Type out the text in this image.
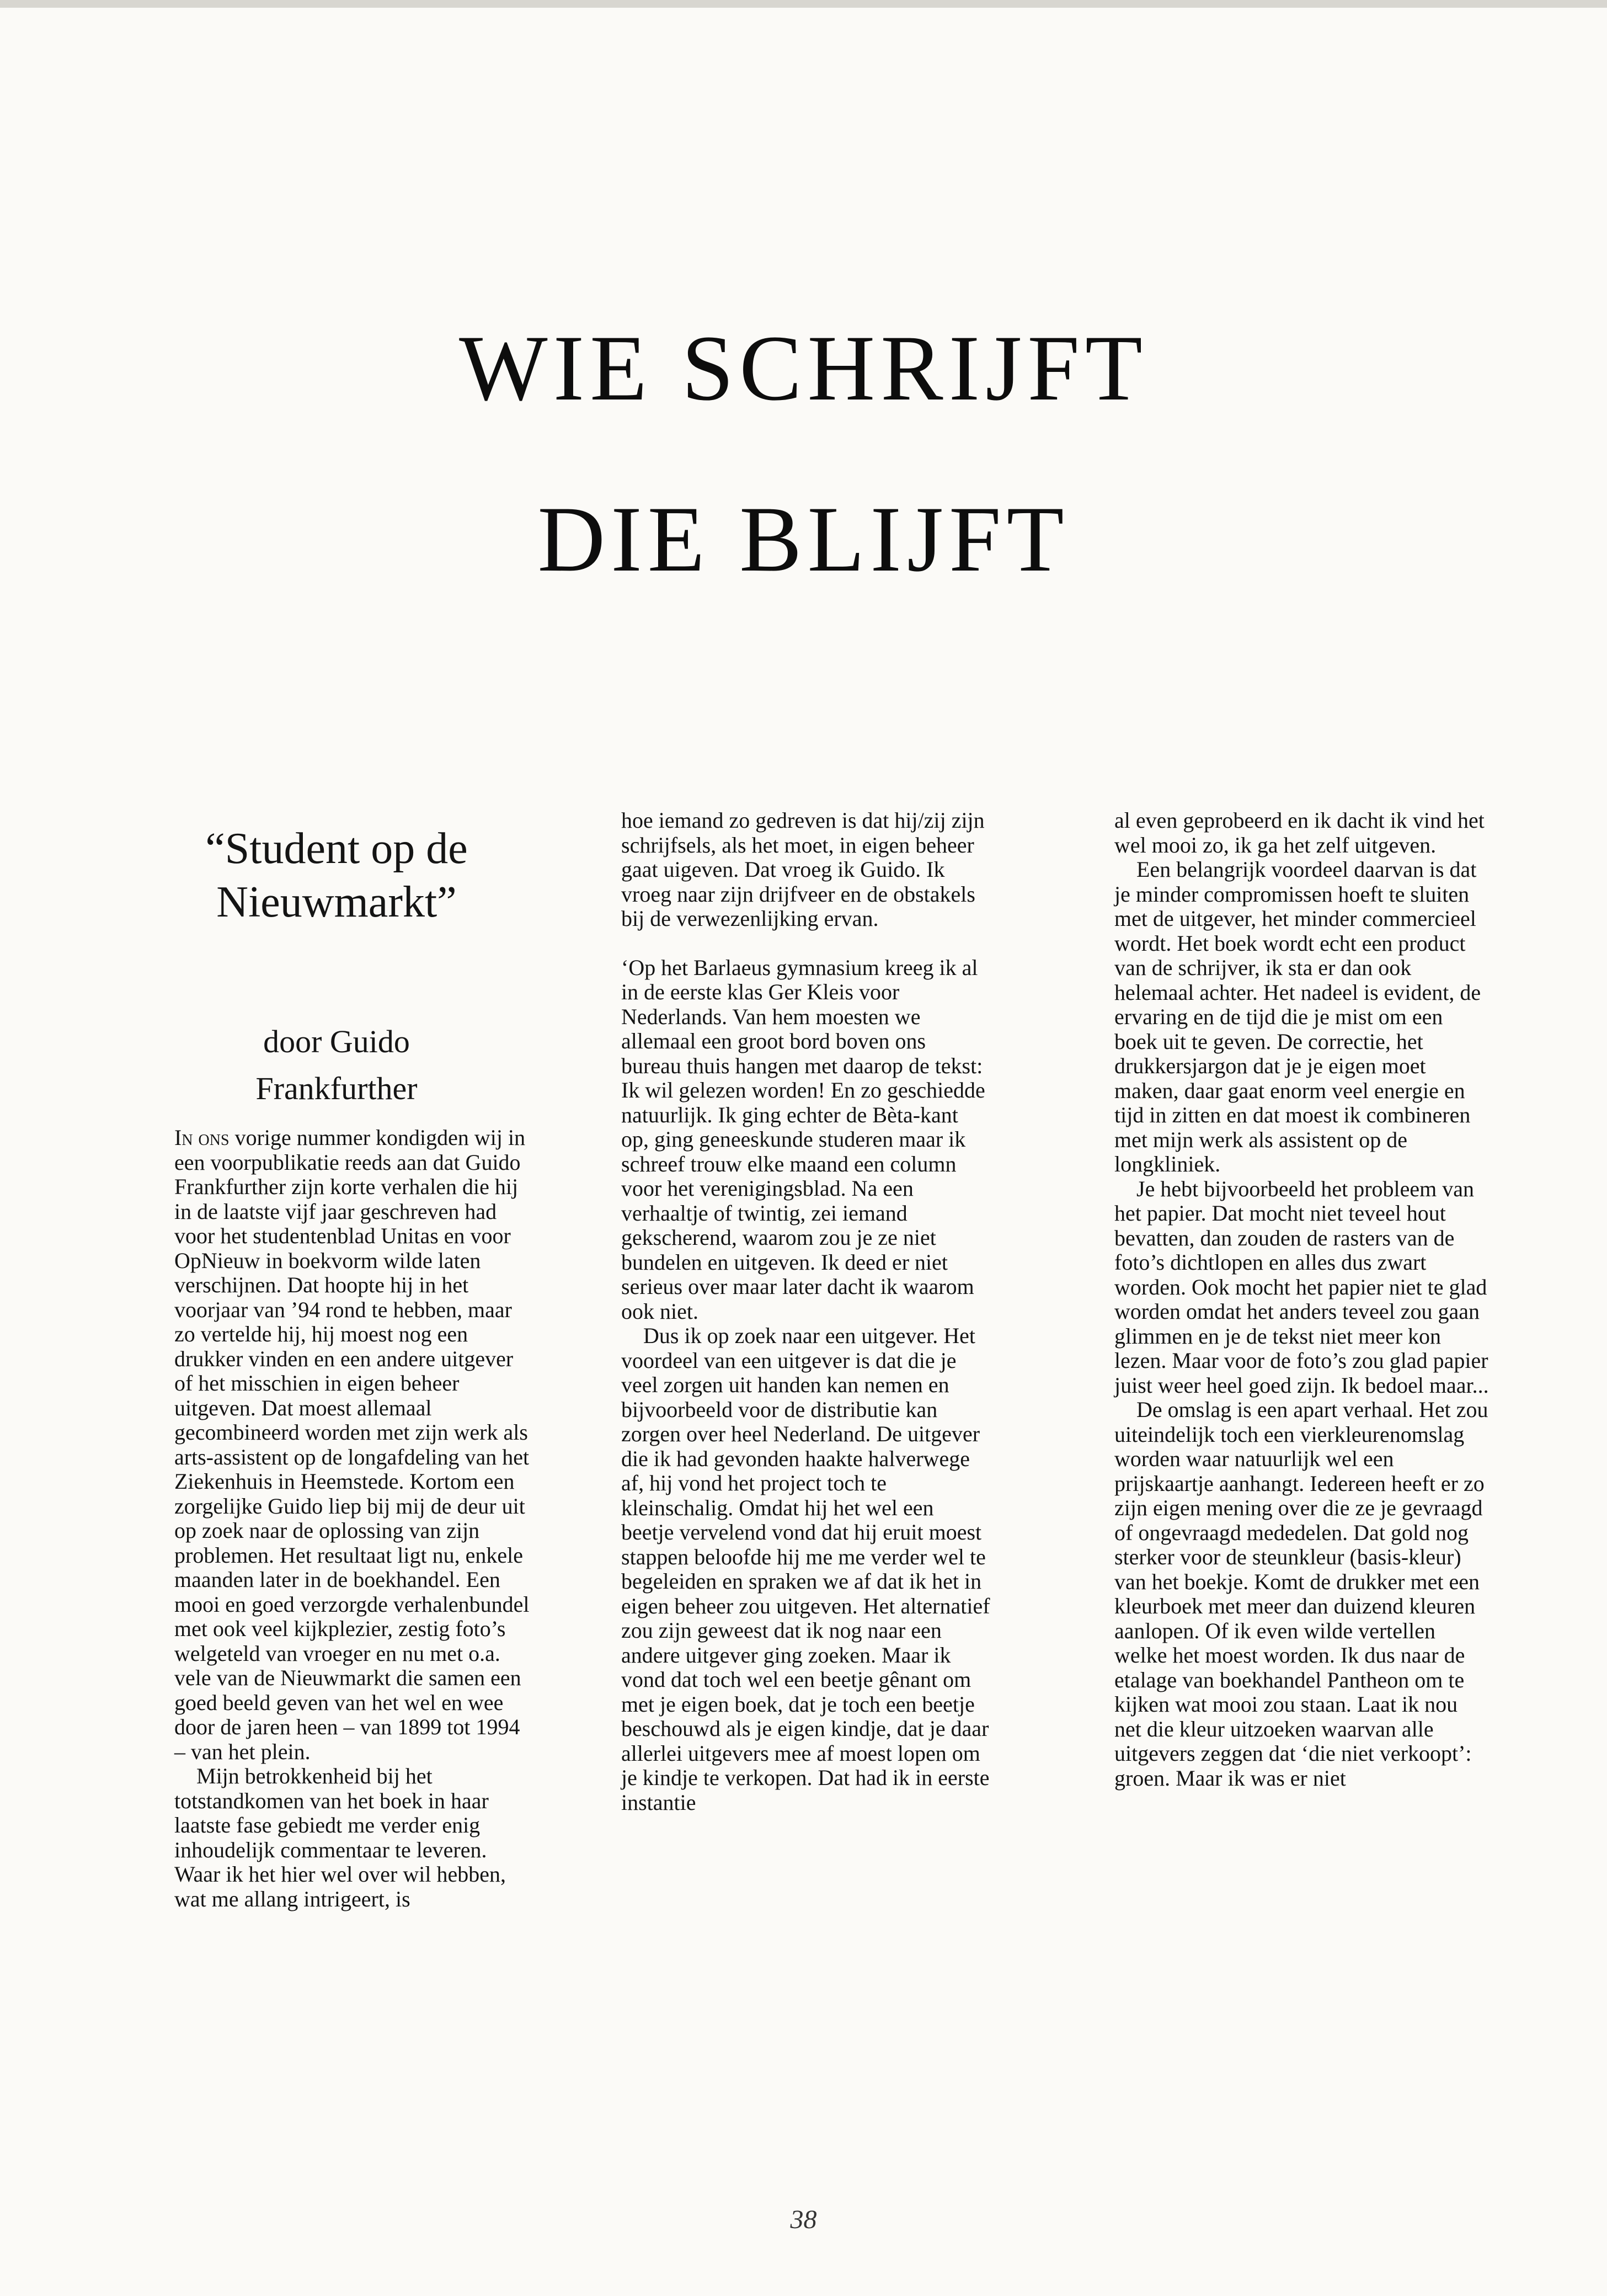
WIE SCHRIJFT
DIE BLIJFT
“Student op de Nieuwmarkt”
door Guido
Frankfurther

In ons vorige nummer kondigden wij in een voorpublikatie reeds aan dat Guido Frankfurther zijn korte verhalen die hij in de laatste vijf jaar geschreven had voor het studentenblad Unitas en voor OpNieuw in boekvorm wilde laten verschijnen. Dat hoopte hij in het voorjaar van ’94 rond te hebben, maar zo vertelde hij, hij moest nog een drukker vinden en een andere uitgever of het misschien in eigen beheer uitgeven. Dat moest allemaal gecombineerd worden met zijn werk als arts-assistent op de longafdeling van het Ziekenhuis in Heemstede. Kortom een zorgelijke Guido liep bij mij de deur uit op zoek naar de oplossing van zijn problemen. Het resultaat ligt nu, enkele maanden later in de boekhandel. Een mooi en goed verzorgde verhalenbundel met ook veel kijkplezier, zestig foto’s welgeteld van vroeger en nu met o.a. vele van de Nieuwmarkt die samen een goed beeld geven van het wel en wee door de jaren heen – van 1899 tot 1994 – van het plein.

Mijn betrokkenheid bij het totstandkomen van het boek in haar laatste fase gebiedt me verder enig inhoudelijk commentaar te leveren. Waar ik het hier wel over wil hebben, wat me allang intrigeert, is

hoe iemand zo gedreven is dat hij/zij zijn schrijfsels, als het moet, in eigen beheer gaat uigeven. Dat vroeg ik Guido. Ik vroeg naar zijn drijfveer en de obstakels bij de verwezenlijking ervan.

‘Op het Barlaeus gymnasium kreeg ik al in de eerste klas Ger Kleis voor Nederlands. Van hem moesten we allemaal een groot bord boven ons bureau thuis hangen met daarop de tekst: Ik wil gelezen worden! En zo geschiedde natuurlijk. Ik ging echter de Bèta-kant op, ging geneeskunde studeren maar ik schreef trouw elke maand een column voor het verenigingsblad. Na een verhaaltje of twintig, zei iemand gekscherend, waarom zou je ze niet bundelen en uitgeven. Ik deed er niet serieus over maar later dacht ik waarom ook niet.

Dus ik op zoek naar een uitgever. Het voordeel van een uitgever is dat die je veel zorgen uit handen kan nemen en bijvoorbeeld voor de distributie kan zorgen over heel Nederland. De uitgever die ik had gevonden haakte halverwege af, hij vond het project toch te kleinschalig. Omdat hij het wel een beetje vervelend vond dat hij eruit moest stappen beloofde hij me me verder wel te begeleiden en spraken we af dat ik het in eigen beheer zou uitgeven. Het alternatief zou zijn geweest dat ik nog naar een andere uitgever ging zoeken. Maar ik vond dat toch wel een beetje gênant om met je eigen boek, dat je toch een beetje beschouwd als je eigen kindje, dat je daar allerlei uitgevers mee af moest lopen om je kindje te verkopen. Dat had ik in eerste instantie

al even geprobeerd en ik dacht ik vind het wel mooi zo, ik ga het zelf uitgeven.

Een belangrijk voordeel daarvan is dat je minder compromissen hoeft te sluiten met de uitgever, het minder commercieel wordt. Het boek wordt echt een product van de schrijver, ik sta er dan ook helemaal achter. Het nadeel is evident, de ervaring en de tijd die je mist om een boek uit te geven. De correctie, het drukkersjargon dat je je eigen moet maken, daar gaat enorm veel energie en tijd in zitten en dat moest ik combineren met mijn werk als assistent op de longkliniek.

Je hebt bijvoorbeeld het probleem van het papier. Dat mocht niet teveel hout bevatten, dan zouden de rasters van de foto’s dichtlopen en alles dus zwart worden. Ook mocht het papier niet te glad worden omdat het anders teveel zou gaan glimmen en je de tekst niet meer kon lezen. Maar voor de foto’s zou glad papier juist weer heel goed zijn. Ik bedoel maar...

De omslag is een apart verhaal. Het zou uiteindelijk toch een vierkleurenomslag worden waar natuurlijk wel een prijskaartje aanhangt. Iedereen heeft er zo zijn eigen mening over die ze je gevraagd of ongevraagd mededelen. Dat gold nog sterker voor de steunkleur (basis-kleur) van het boekje. Komt de drukker met een kleurboek met meer dan duizend kleuren aanlopen. Of ik even wilde vertellen welke het moest worden. Ik dus naar de etalage van boekhandel Pantheon om te kijken wat mooi zou staan. Laat ik nou net die kleur uitzoeken waarvan alle uitgevers zeggen dat ‘die niet verkoopt’: groen. Maar ik was er niet

38
